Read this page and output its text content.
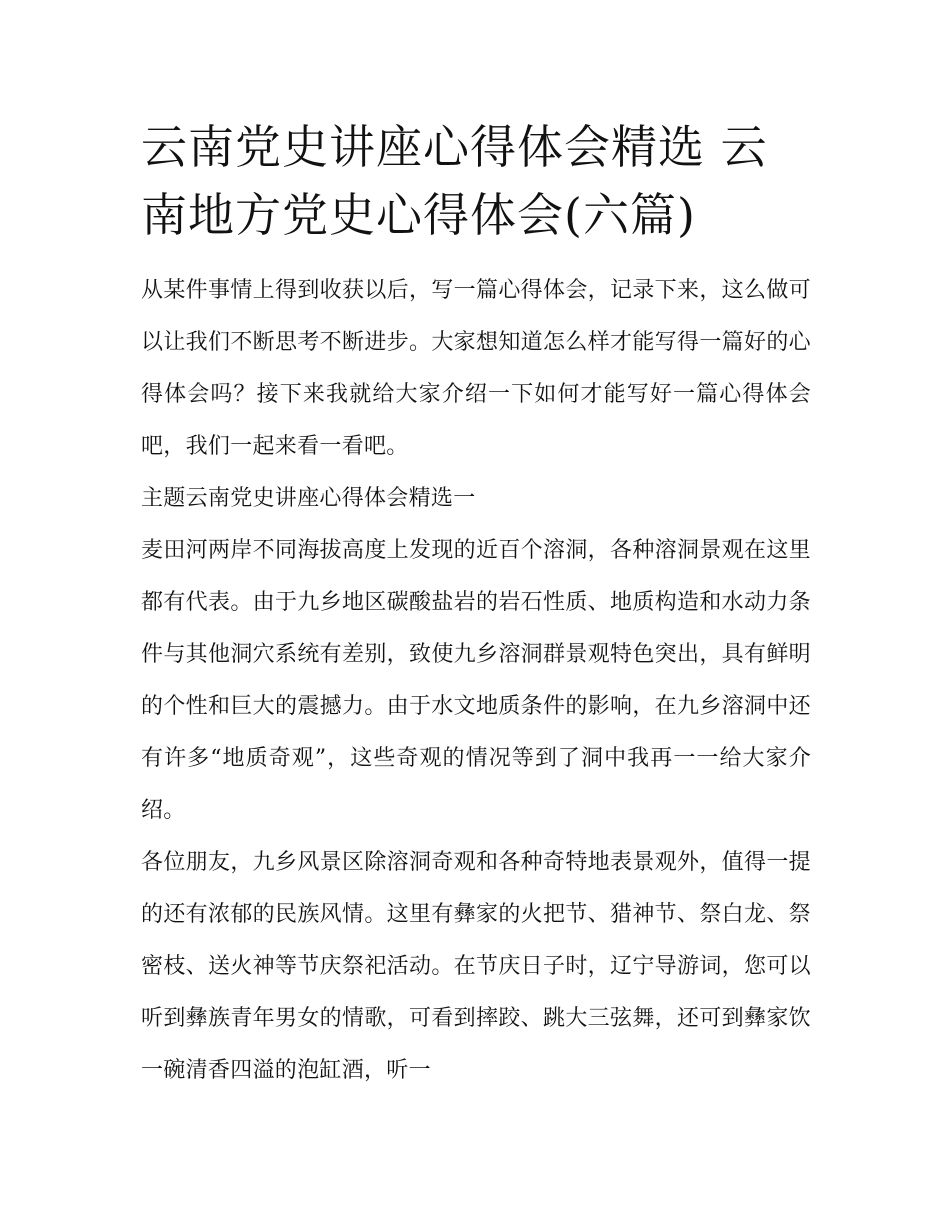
云南党史讲座心得体会精选 云南地方党史心得体会(六篇)

从某件事情上得到收获以后，写一篇心得体会，记录下来，这么做可以让我们不断思考不断进步。大家想知道怎么样才能写得一篇好的心得体会吗？接下来我就给大家介绍一下如何才能写好一篇心得体会吧，我们一起来看一看吧。

主题云南党史讲座心得体会精选一

麦田河两岸不同海拔高度上发现的近百个溶洞，各种溶洞景观在这里都有代表。由于九乡地区碳酸盐岩的岩石性质、地质构造和水动力条件与其他洞穴系统有差别，致使九乡溶洞群景观特色突出，具有鲜明的个性和巨大的震撼力。由于水文地质条件的影响，在九乡溶洞中还有许多“地质奇观”，这些奇观的情况等到了洞中我再一一给大家介绍。

各位朋友，九乡风景区除溶洞奇观和各种奇特地表景观外，值得一提的还有浓郁的民族风情。这里有彝家的火把节、猎神节、祭白龙、祭密枝、送火神等节庆祭祀活动。在节庆日子时，辽宁导游词，您可以听到彝族青年男女的情歌，可看到摔跤、跳大三弦舞，还可到彝家饮一碗清香四溢的泡缸酒，听一
